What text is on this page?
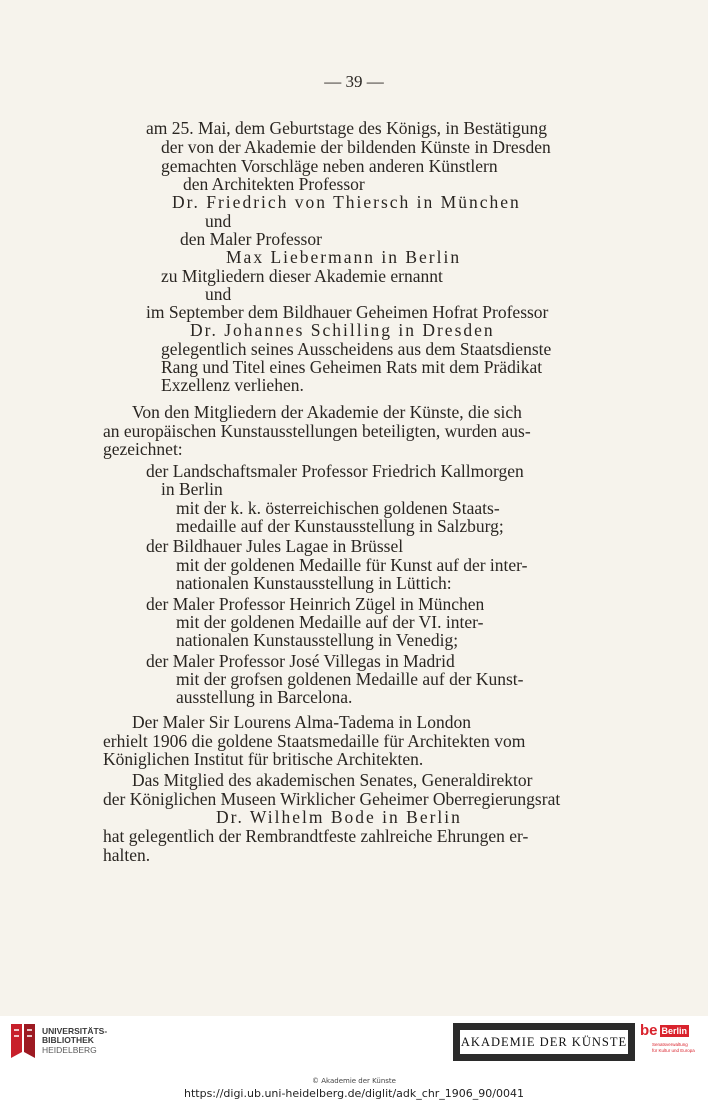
— 39 —
am 25. Mai, dem Geburtstage des Königs, in Bestätigung
der von der Akademie der bildenden Künste in Dresden
gemachten Vorschläge neben anderen Künstlern
den Architekten Professor
Dr. Friedrich von Thiersch in München
und
den Maler Professor
Max Liebermann in Berlin
zu Mitgliedern dieser Akademie ernannt
und
im September dem Bildhauer Geheimen Hofrat Professor
Dr. Johannes Schilling in Dresden
gelegentlich seines Ausscheidens aus dem Staatsdienste
Rang und Titel eines Geheimen Rats mit dem Prädikat
Exzellenz verliehen.
Von den Mitgliedern der Akademie der Künste, die sich
an europäischen Kunstausstellungen beteiligten, wurden aus-
gezeichnet:
der Landschaftsmaler Professor Friedrich Kallmorgen
in Berlin
mit der k. k. österreichischen goldenen Staats-
medaille auf der Kunstausstellung in Salzburg;
der Bildhauer Jules Lagae in Brüssel
mit der goldenen Medaille für Kunst auf der inter-
nationalen Kunstausstellung in Lüttich:
der Maler Professor Heinrich Zügel in München
mit der goldenen Medaille auf der VI. inter-
nationalen Kunstausstellung in Venedig;
der Maler Professor José Villegas in Madrid
mit der grofsen goldenen Medaille auf der Kunst-
ausstellung in Barcelona.
Der Maler Sir Lourens Alma-Tadema in London
erhielt 1906 die goldene Staatsmedaille für Architekten vom
Königlichen Institut für britische Architekten.
Das Mitglied des akademischen Senates, Generaldirektor
der Königlichen Museen Wirklicher Geheimer Oberregierungsrat
Dr. Wilhelm Bode in Berlin
hat gelegentlich der Rembrandtfeste zahlreiche Ehrungen er-
halten.
UNIVERSITÄTS-
BIBLIOTHEK
HEIDELBERG
AKADEMIE DER KÜNSTE
be Berlin
Senatsverwaltung
für Kultur und Europa
© Akademie der Künste
https://digi.ub.uni-heidelberg.de/diglit/adk_chr_1906_90/0041
